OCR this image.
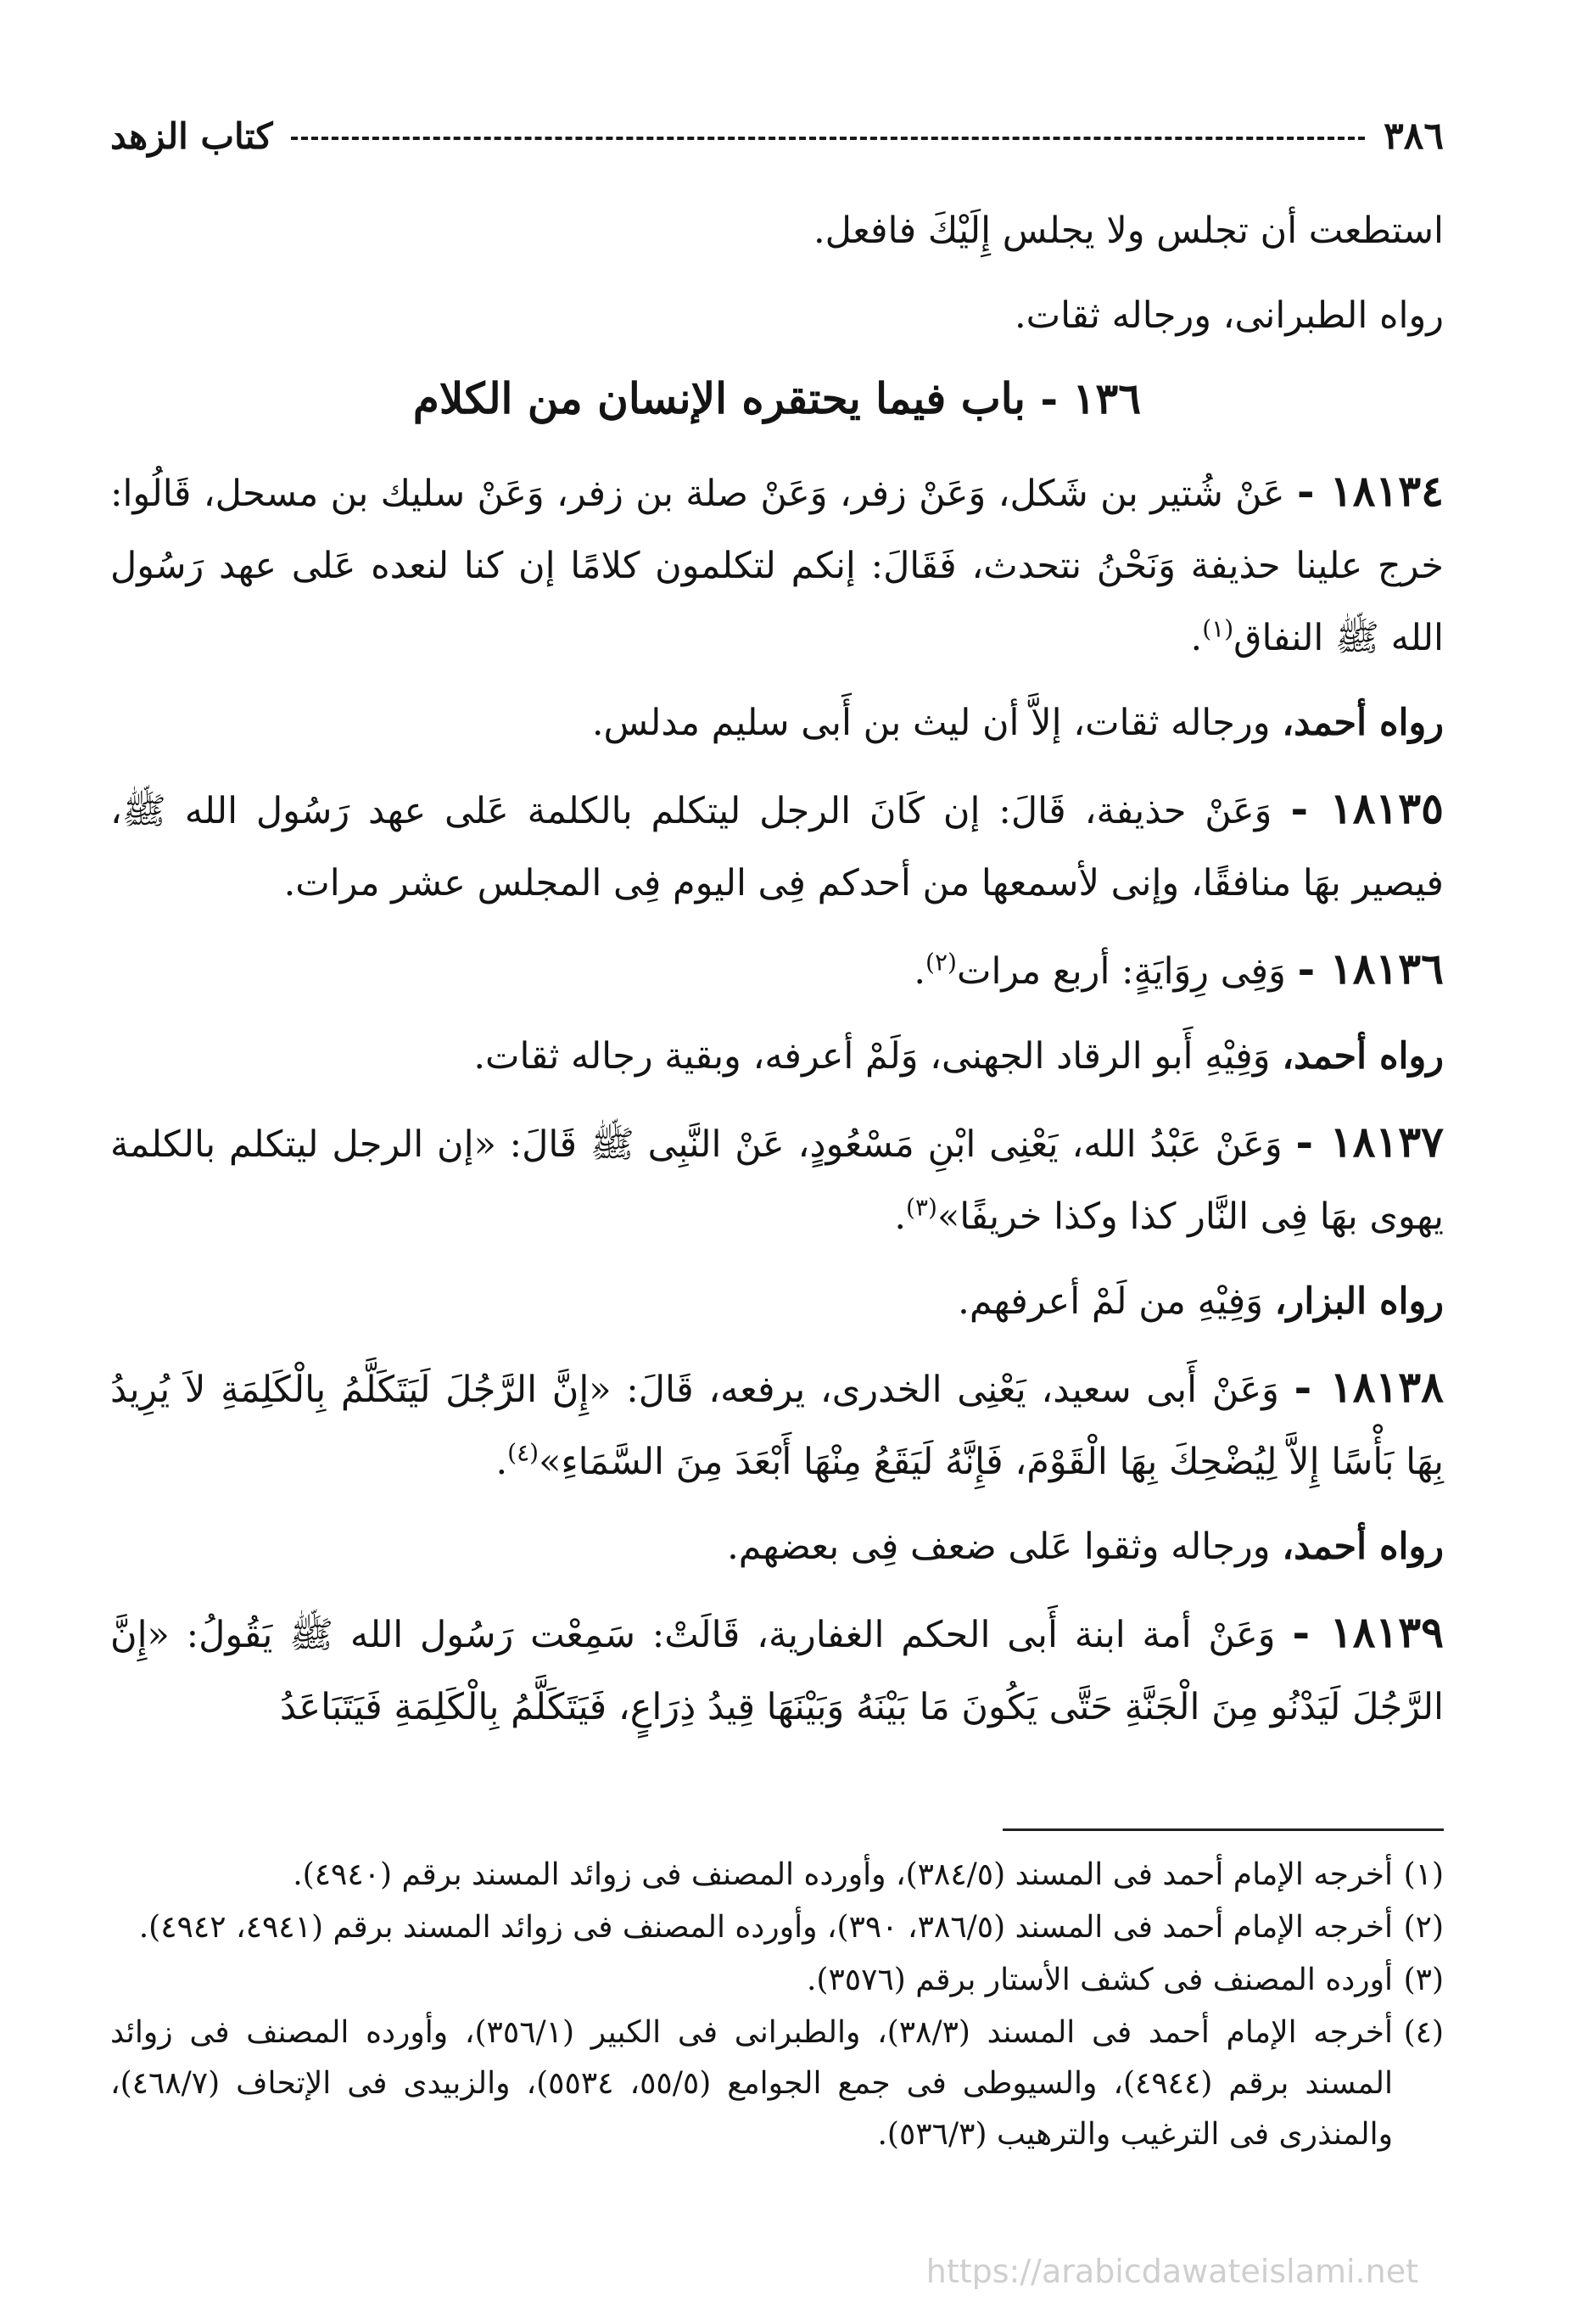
٣٨٦
كتاب الزهد

استطعت أن تجلس ولا يجلس إِلَيْكَ فافعل.

رواه الطبرانى، ورجاله ثقات.

١٣٦ - باب فيما يحتقره الإنسان من الكلام

١٨١٣٤ - عَنْ شُتير بن شَكل، وَعَنْ زفر، وَعَنْ صلة بن زفر، وَعَنْ سليك بن مسحل، قَالُوا: خرج علينا حذيفة وَنَحْنُ نتحدث، فَقَالَ: إنكم لتكلمون كلامًا إن كنا لنعده عَلى عهد رَسُول الله ﷺ النفاق$^{(١)}$.

رواه أحمد، ورجاله ثقات، إلاَّ أن ليث بن أَبى سليم مدلس.

١٨١٣٥ - وَعَنْ حذيفة، قَالَ: إن كَانَ الرجل ليتكلم بالكلمة عَلى عهد رَسُول الله ﷺ، فيصير بهَا منافقًا، وإنى لأسمعها من أحدكم فِى اليوم فِى المجلس عشر مرات.

١٨١٣٦ - وَفِى رِوَايَةٍ: أربع مرات$^{(٢)}$.

رواه أحمد، وَفِيْهِ أَبو الرقاد الجهنى، وَلَمْ أعرفه، وبقية رجاله ثقات.

١٨١٣٧ - وَعَنْ عَبْدُ الله، يَعْنِى ابْنِ مَسْعُودٍ، عَنْ النَّبِى ﷺ قَالَ: «إن الرجل ليتكلم بالكلمة يهوى بهَا فِى النَّار كذا وكذا خريفًا»$^{(٣)}$.

رواه البزار، وَفِيْهِ من لَمْ أعرفهم.

١٨١٣٨ - وَعَنْ أَبى سعيد، يَعْنِى الخدرى، يرفعه، قَالَ: «إِنَّ الرَّجُلَ لَيَتَكَلَّمُ بِالْكَلِمَةِ لاَ يُرِيدُ بِهَا بَأْسًا إِلاَّ لِيُضْحِكَ بِهَا الْقَوْمَ، فَإِنَّهُ لَيَقَعُ مِنْهَا أَبْعَدَ مِنَ السَّمَاءِ»$^{(٤)}$.

رواه أحمد، ورجاله وثقوا عَلى ضعف فِى بعضهم.

١٨١٣٩ - وَعَنْ أمة ابنة أَبى الحكم الغفارية، قَالَتْ: سَمِعْت رَسُول الله ﷺ يَقُولُ: «إِنَّ الرَّجُلَ لَيَدْنُو مِنَ الْجَنَّةِ حَتَّى يَكُونَ مَا بَيْنَهُ وَبَيْنَهَا قِيدُ ذِرَاعٍ، فَيَتَكَلَّمُ بِالْكَلِمَةِ فَيَتَبَاعَدُ

(١)
أخرجه الإمام أحمد فى المسند (٣٨٤/٥)، وأورده المصنف فى زوائد المسند برقم (٤٩٤٠).
(٢)
أخرجه الإمام أحمد فى المسند (٣٨٦/٥، ٣٩٠)، وأورده المصنف فى زوائد المسند برقم (٤٩٤١، ٤٩٤٢).
(٣)
أورده المصنف فى كشف الأستار برقم (٣٥٧٦).
(٤)
أخرجه الإمام أحمد فى المسند (٣٨/٣)، والطبرانى فى الكبير (٣٥٦/١)، وأورده المصنف فى زوائد المسند برقم (٤٩٤٤)، والسيوطى فى جمع الجوامع (٥٥/٥، ٥٥٣٤)، والزبيدى فى الإتحاف (٤٦٨/٧)، والمنذرى فى الترغيب والترهيب (٥٣٦/٣).
https://arabicdawateislami.net
